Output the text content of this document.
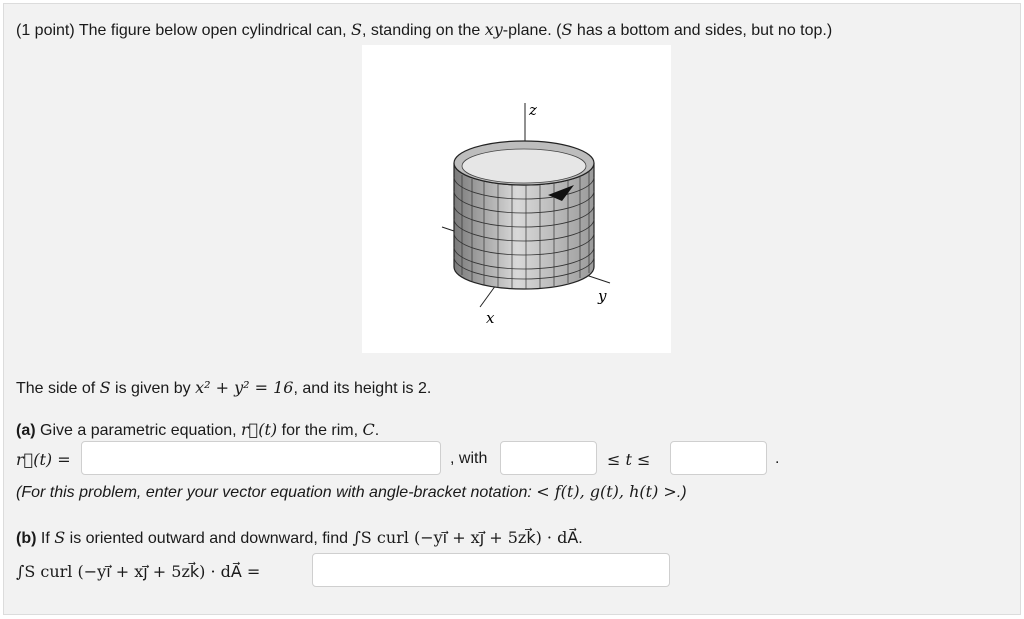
(1 point) The figure below open cylindrical can, S, standing on the xy-plane. (S has a bottom and sides, but no top.)
z
y
x
The side of S is given by x² + y² = 16, and its height is 2.
(a) Give a parametric equation, r⃗(t) for the rim, C.
r⃗(t) =	, with	≤ t ≤	.
(For this problem, enter your vector equation with angle-bracket notation: < f(t), g(t), h(t) >.)
(b) If S is oriented outward and downward, find ∫S curl (−yi⃗ + xj⃗ + 5zk⃗) · dA⃗.
∫S curl (−yi⃗ + xj⃗ + 5zk⃗) · dA⃗ =
